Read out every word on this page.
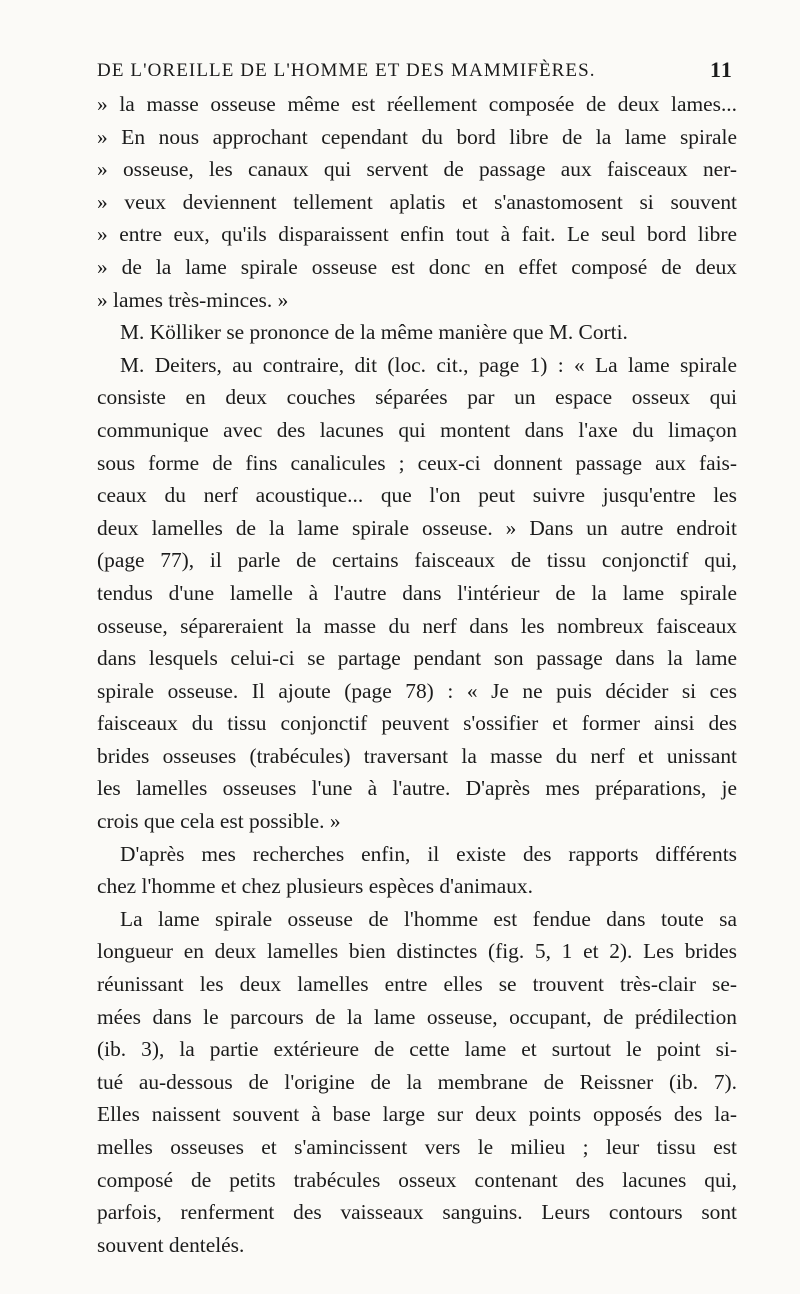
DE L'OREILLE DE L'HOMME ET DES MAMMIFÈRES.	11
» la masse osseuse même est réellement composée de deux lames...
» En nous approchant cependant du bord libre de la lame spirale
» osseuse, les canaux qui servent de passage aux faisceaux ner-
» veux deviennent tellement aplatis et s'anastomosent si souvent
» entre eux, qu'ils disparaissent enfin tout à fait. Le seul bord libre
» de la lame spirale osseuse est donc en effet composé de deux
» lames très-minces. »
M. Kölliker se prononce de la même manière que M. Corti.
M. Deiters, au contraire, dit (loc. cit., page 1) : « La lame spirale
consiste en deux couches séparées par un espace osseux qui
communique avec des lacunes qui montent dans l'axe du limaçon
sous forme de fins canalicules ; ceux-ci donnent passage aux fais-
ceaux du nerf acoustique... que l'on peut suivre jusqu'entre les
deux lamelles de la lame spirale osseuse. » Dans un autre endroit
(page 77), il parle de certains faisceaux de tissu conjonctif qui,
tendus d'une lamelle à l'autre dans l'intérieur de la lame spirale
osseuse, sépareraient la masse du nerf dans les nombreux faisceaux
dans lesquels celui-ci se partage pendant son passage dans la lame
spirale osseuse. Il ajoute (page 78) : « Je ne puis décider si ces
faisceaux du tissu conjonctif peuvent s'ossifier et former ainsi des
brides osseuses (trabécules) traversant la masse du nerf et unissant
les lamelles osseuses l'une à l'autre. D'après mes préparations, je
crois que cela est possible. »
D'après mes recherches enfin, il existe des rapports différents
chez l'homme et chez plusieurs espèces d'animaux.
La lame spirale osseuse de l'homme est fendue dans toute sa
longueur en deux lamelles bien distinctes (fig. 5, 1 et 2). Les brides
réunissant les deux lamelles entre elles se trouvent très-clair se-
mées dans le parcours de la lame osseuse, occupant, de prédilection
(ib. 3), la partie extérieure de cette lame et surtout le point si-
tué au-dessous de l'origine de la membrane de Reissner (ib. 7).
Elles naissent souvent à base large sur deux points opposés des la-
melles osseuses et s'amincissent vers le milieu ; leur tissu est
composé de petits trabécules osseux contenant des lacunes qui,
parfois, renferment des vaisseaux sanguins. Leurs contours sont
souvent dentelés.
